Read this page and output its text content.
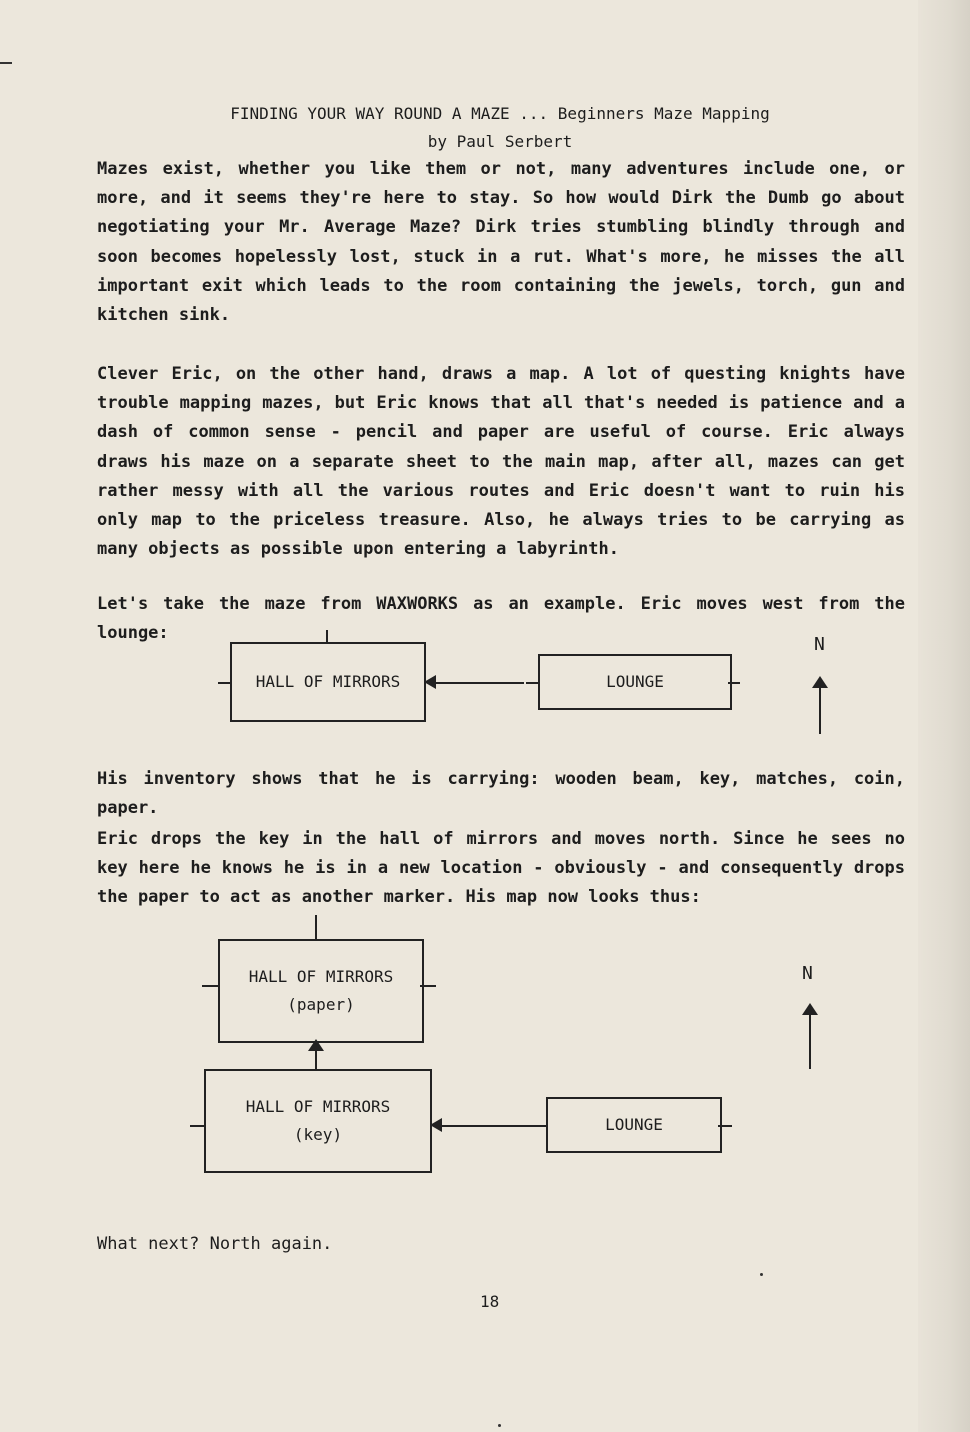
FINDING YOUR WAY ROUND A MAZE ... Beginners Maze Mapping
by Paul Serbert

Mazes exist, whether you like them or not, many adventures include one, or more, and it seems they're here to stay. So how would Dirk the Dumb go about negotiating your Mr. Average Maze? Dirk tries stumbling blindly through and soon becomes hopelessly lost, stuck in a rut. What's more, he misses the all important exit which leads to the room containing the jewels, torch, gun and kitchen sink.

Clever Eric, on the other hand, draws a map. A lot of questing knights have trouble mapping mazes, but Eric knows that all that's needed is patience and a dash of common sense - pencil and paper are useful of course. Eric always draws his maze on a separate sheet to the main map, after all, mazes can get rather messy with all the various routes and Eric doesn't want to ruin his only map to the priceless treasure. Also, he always tries to be carrying as many objects as possible upon entering a labyrinth.

Let's take the maze from WAXWORKS as an example. Eric moves west from the lounge:

HALL OF MIRRORS	LOUNGE
N

His inventory shows that he is carrying: wooden beam, key, matches, coin, paper.

Eric drops the key in the hall of mirrors and moves north. Since he sees no key here he knows he is in a new location - obviously - and consequently drops the paper to act as another marker. His map now looks thus:

HALL OF MIRRORS
(paper)
HALL OF MIRRORS
(key)
LOUNGE
N

What next? North again.

18
